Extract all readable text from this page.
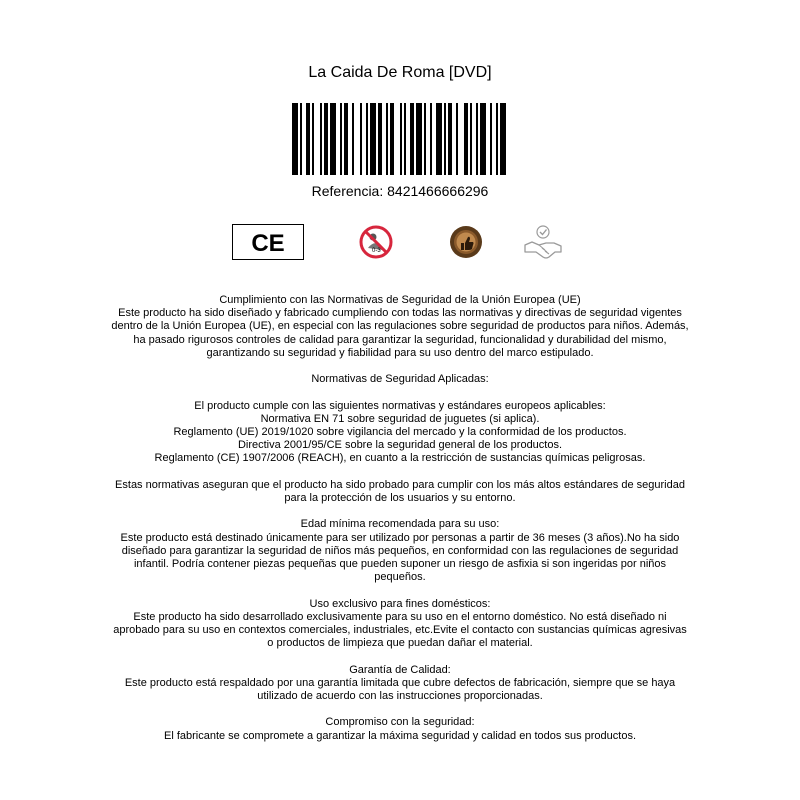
La Caida De Roma [DVD]
Referencia: 8421466666296
CE	0-3

Cumplimiento con las Normativas de Seguridad de la Unión Europea (UE)

Este producto ha sido diseñado y fabricado cumpliendo con todas las normativas y directivas de seguridad vigentes dentro de la Unión Europea (UE), en especial con las regulaciones sobre seguridad de productos para niños. Además, ha pasado rigurosos controles de calidad para garantizar la seguridad, funcionalidad y durabilidad del mismo, garantizando su seguridad y fiabilidad para su uso dentro del marco estipulado.

Normativas de Seguridad Aplicadas:

El producto cumple con las siguientes normativas y estándares europeos aplicables:

Normativa EN 71 sobre seguridad de juguetes (si aplica).

Reglamento (UE) 2019/1020 sobre vigilancia del mercado y la conformidad de los productos.

Directiva 2001/95/CE sobre la seguridad general de los productos.

Reglamento (CE) 1907/2006 (REACH), en cuanto a la restricción de sustancias químicas peligrosas.

Estas normativas aseguran que el producto ha sido probado para cumplir con los más altos estándares de seguridad para la protección de los usuarios y su entorno.

Edad mínima recomendada para su uso:

Este producto está destinado únicamente para ser utilizado por personas a partir de 36 meses (3 años).No ha sido diseñado para garantizar la seguridad de niños más pequeños, en conformidad con las regulaciones de seguridad infantil. Podría contener piezas pequeñas que pueden suponer un riesgo de asfixia si son ingeridas por niños pequeños.

Uso exclusivo para fines domésticos:

Este producto ha sido desarrollado exclusivamente para su uso en el entorno doméstico. No está diseñado ni aprobado para su uso en contextos comerciales, industriales, etc.Evite el contacto con sustancias químicas agresivas o productos de limpieza que puedan dañar el material.

Garantía de Calidad:

Este producto está respaldado por una garantía limitada que cubre defectos de fabricación, siempre que se haya utilizado de acuerdo con las instrucciones proporcionadas.

Compromiso con la seguridad:

El fabricante se compromete a garantizar la máxima seguridad y calidad en todos sus productos.
